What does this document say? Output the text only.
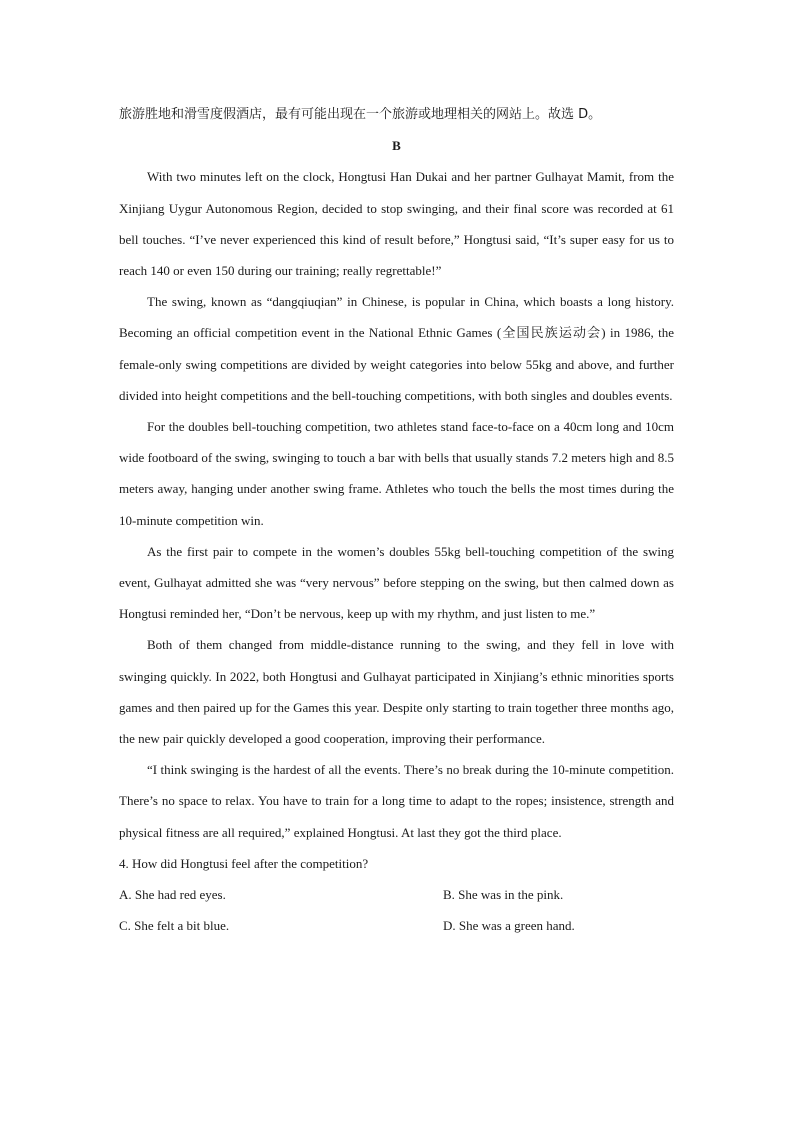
旅游胜地和滑雪度假酒店，最有可能出现在一个旅游或地理相关的网站上。故选 D。

B

With two minutes left on the clock, Hongtusi Han Dukai and her partner Gulhayat Mamit, from the Xinjiang Uygur Autonomous Region, decided to stop swinging, and their final score was recorded at 61 bell touches. “I’ve never experienced this kind of result before,” Hongtusi said, “It’s super easy for us to reach 140 or even 150 during our training; really regrettable!”

The swing, known as “dangqiuqian” in Chinese, is popular in China, which boasts a long history. Becoming an official competition event in the National Ethnic Games (全国民族运动会) in 1986, the female-only swing competitions are divided by weight categories into below 55kg and above, and further divided into height competitions and the bell-touching competitions, with both singles and doubles events.

For the doubles bell-touching competition, two athletes stand face-to-face on a 40cm long and 10cm wide footboard of the swing, swinging to touch a bar with bells that usually stands 7.2 meters high and 8.5 meters away, hanging under another swing frame. Athletes who touch the bells the most times during the 10-minute competition win.

As the first pair to compete in the women’s doubles 55kg bell-touching competition of the swing event, Gulhayat admitted she was “very nervous” before stepping on the swing, but then calmed down as Hongtusi reminded her, “Don’t be nervous, keep up with my rhythm, and just listen to me.”

Both of them changed from middle-distance running to the swing, and they fell in love with swinging quickly. In 2022, both Hongtusi and Gulhayat participated in Xinjiang’s ethnic minorities sports games and then paired up for the Games this year. Despite only starting to train together three months ago, the new pair quickly developed a good cooperation, improving their performance.

“I think swinging is the hardest of all the events. There’s no break during the 10-minute competition. There’s no space to relax. You have to train for a long time to adapt to the ropes; insistence, strength and physical fitness are all required,” explained Hongtusi. At last they got the third place.

4. How did Hongtusi feel after the competition?

A. She had red eyes.	B. She was in the pink.

C. She felt a bit blue.	D. She was a green hand.
